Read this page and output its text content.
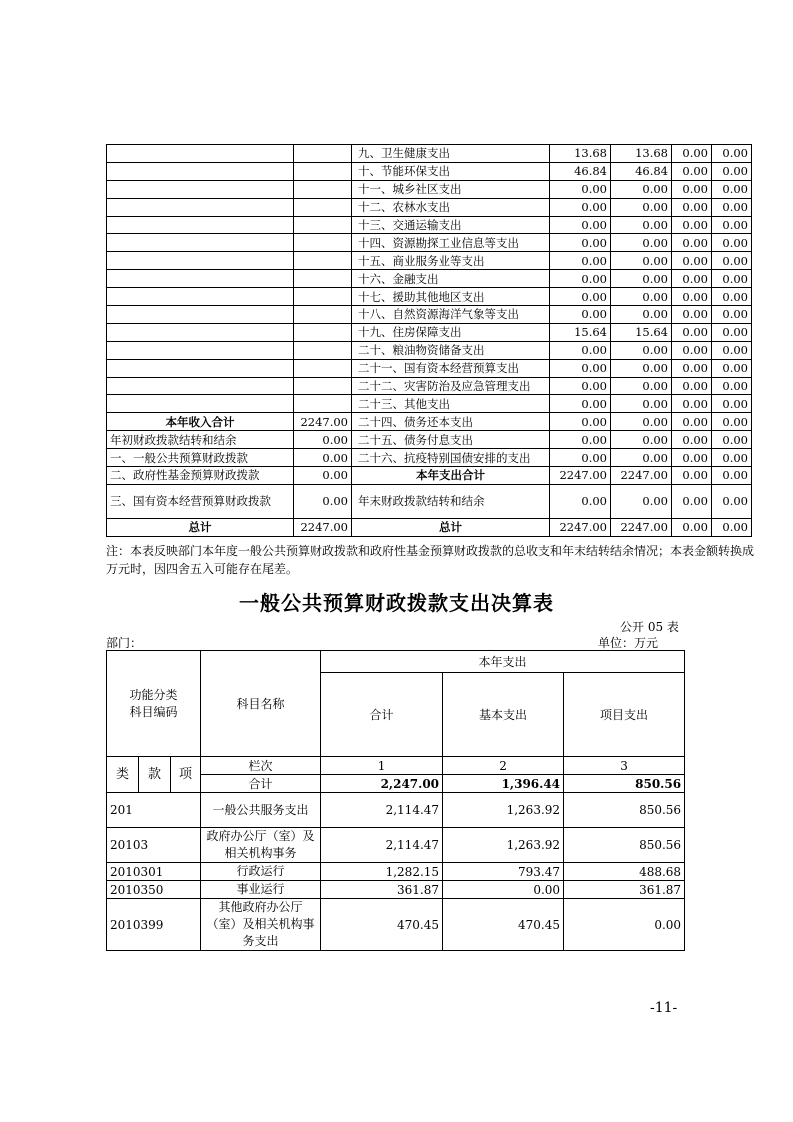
		九、卫生健康支出	13.68	13.68	0.00	0.00
		十、节能环保支出	46.84	46.84	0.00	0.00
		十一、城乡社区支出	0.00	0.00	0.00	0.00
		十二、农林水支出	0.00	0.00	0.00	0.00
		十三、交通运输支出	0.00	0.00	0.00	0.00
		十四、资源勘探工业信息等支出	0.00	0.00	0.00	0.00
		十五、商业服务业等支出	0.00	0.00	0.00	0.00
		十六、金融支出	0.00	0.00	0.00	0.00
		十七、援助其他地区支出	0.00	0.00	0.00	0.00
		十八、自然资源海洋气象等支出	0.00	0.00	0.00	0.00
		十九、住房保障支出	15.64	15.64	0.00	0.00
		二十、粮油物资储备支出	0.00	0.00	0.00	0.00
		二十一、国有资本经营预算支出	0.00	0.00	0.00	0.00
		二十二、灾害防治及应急管理支出	0.00	0.00	0.00	0.00
		二十三、其他支出	0.00	0.00	0.00	0.00
本年收入合计	2247.00	二十四、债务还本支出	0.00	0.00	0.00	0.00
年初财政拨款结转和结余	0.00	二十五、债务付息支出	0.00	0.00	0.00	0.00
一、一般公共预算财政拨款	0.00	二十六、抗疫特别国债安排的支出	0.00	0.00	0.00	0.00
二、政府性基金预算财政拨款	0.00	本年支出合计	2247.00	2247.00	0.00	0.00
三、国有资本经营预算财政拨款	0.00	年末财政拨款结转和结余	0.00	0.00	0.00	0.00
总计	2247.00	总计	2247.00	2247.00	0.00	0.00
注：本表反映部门本年度一般公共预算财政拨款和政府性基金预算财政拨款的总收支和年末结转结余情况；本表金额转换成万元时，因四舍五入可能存在尾差。
一般公共预算财政拨款支出决算表
公开 05 表
部门：	单位：万元
功能分类科目编码			科目名称	本年支出		
				合计	基本支出	项目支出
类	款	项	栏次	1	2	3
			合计	2,247.00	1,396.44	850.56
201			一般公共服务支出	2,114.47	1,263.92	850.56
20103			政府办公厅（室）及相关机构事务	2,114.47	1,263.92	850.56
2010301			行政运行	1,282.15	793.47	488.68
2010350			事业运行	361.87	0.00	361.87
2010399			其他政府办公厅（室）及相关机构事务支出	470.45	470.45	0.00
-11-
